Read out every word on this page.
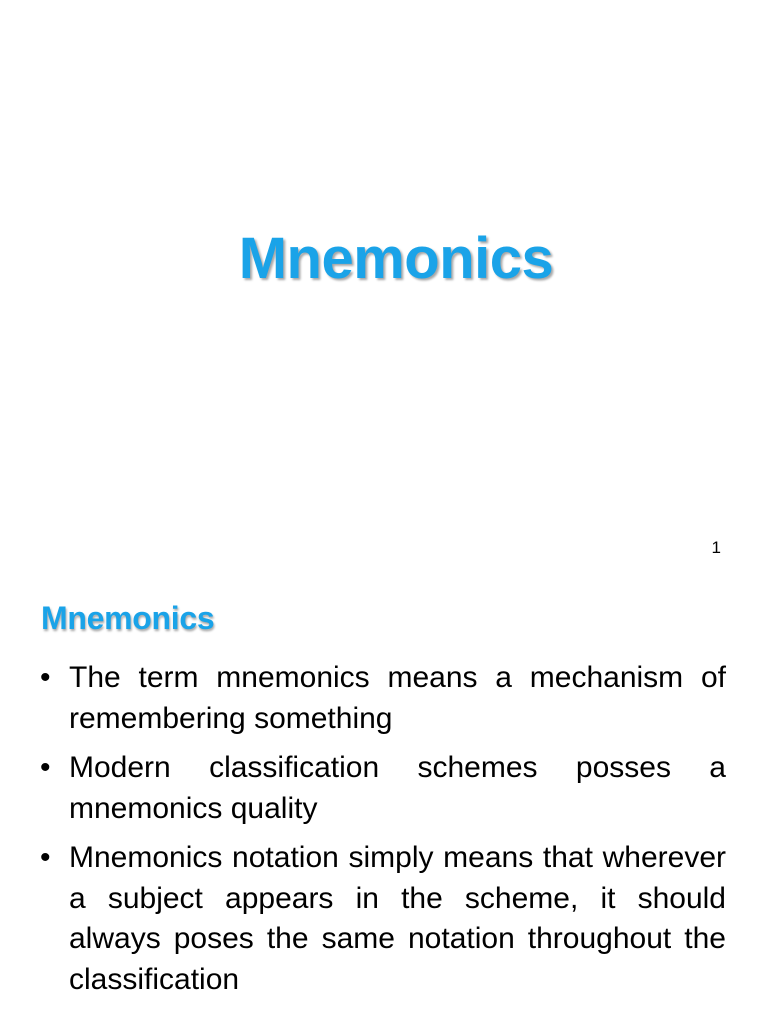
Mnemonics
1
Mnemonics
• The term mnemonics means a mechanism of remembering something
• Modern classification schemes posses a mnemonics quality
• Mnemonics notation simply means that wherever a subject appears in the scheme, it should always poses the same notation throughout the classification
